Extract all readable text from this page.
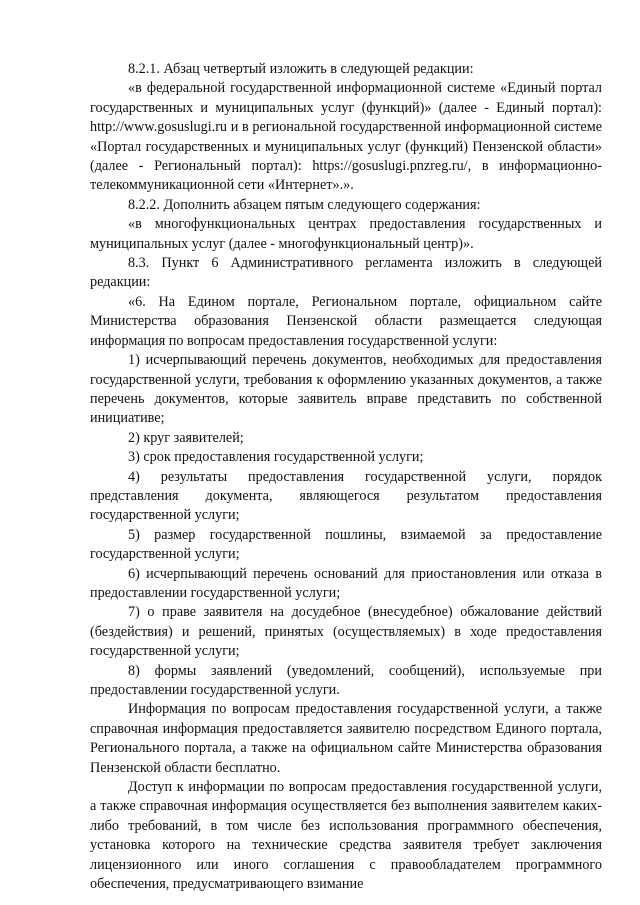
8.2.1. Абзац четвертый изложить в следующей редакции:

«в федеральной государственной информационной системе «Единый портал государственных и муниципальных услуг (функций)» (далее - Единый портал): http://www.gosuslugi.ru и в региональной государственной информационной системе «Портал государственных и муниципальных услуг (функций) Пензенской области» (далее - Региональный портал): https://gosuslugi.pnzreg.ru/, в информационно-телекоммуникационной сети «Интернет».».

8.2.2. Дополнить абзацем пятым следующего содержания:

«в многофункциональных центрах предоставления государственных и муниципальных услуг (далее - многофункциональный центр)».

8.3. Пункт 6 Административного регламента изложить в следующей редакции:

«6. На Едином портале, Региональном портале, официальном сайте Министерства образования Пензенской области размещается следующая информация по вопросам предоставления государственной услуги:

1) исчерпывающий перечень документов, необходимых для предоставления государственной услуги, требования к оформлению указанных документов, а также перечень документов, которые заявитель вправе представить по собственной инициативе;

2) круг заявителей;

3) срок предоставления государственной услуги;

4) результаты предоставления государственной услуги, порядок представления документа, являющегося результатом предоставления государственной услуги;

5) размер государственной пошлины, взимаемой за предоставление государственной услуги;

6) исчерпывающий перечень оснований для приостановления или отказа в предоставлении государственной услуги;

7) о праве заявителя на досудебное (внесудебное) обжалование действий (бездействия) и решений, принятых (осуществляемых) в ходе предоставления государственной услуги;

8) формы заявлений (уведомлений, сообщений), используемые при предоставлении государственной услуги.

Информация по вопросам предоставления государственной услуги, а также справочная информация предоставляется заявителю посредством Единого портала, Регионального портала, а также на официальном сайте Министерства образования Пензенской области бесплатно.

Доступ к информации по вопросам предоставления государственной услуги, а также справочная информация осуществляется без выполнения заявителем каких-либо требований, в том числе без использования программного обеспечения, установка которого на технические средства заявителя требует заключения лицензионного или иного соглашения с правообладателем программного обеспечения, предусматривающего взимание
